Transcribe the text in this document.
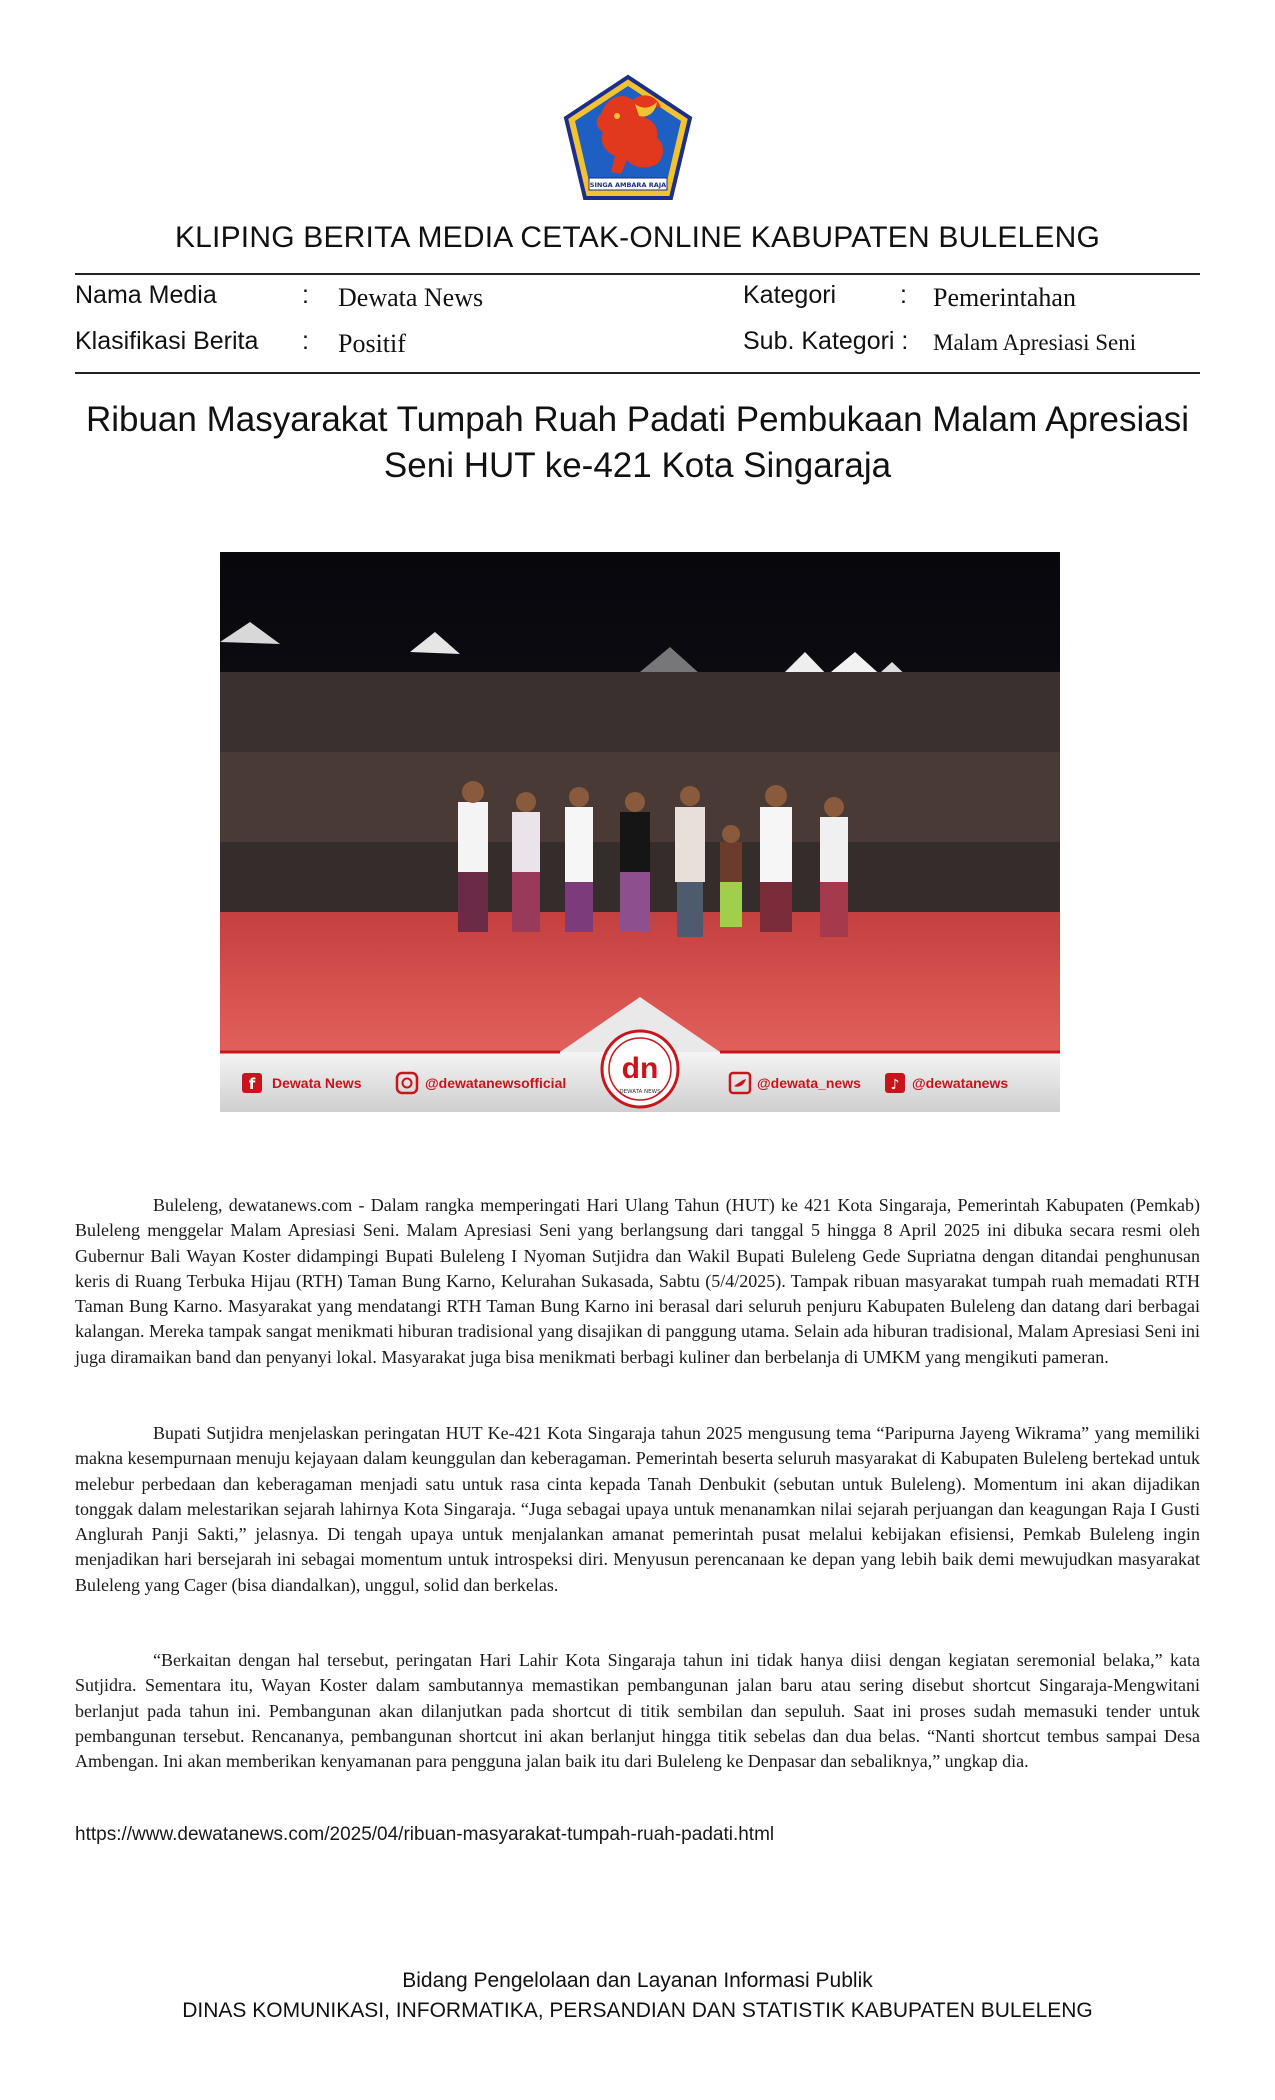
SINGA AMBARA RAJA
KLIPING BERITA MEDIA CETAK-ONLINE KABUPATEN BULELENG
Nama Media	: Dewata News	Kategori	: Pemerintahan
Klasifikasi Berita : Positif	Sub. Kategori : Malam Apresiasi Seni
Ribuan Masyarakat Tumpah Ruah Padati Pembukaan Malam Apresiasi Seni HUT ke-421 Kota Singaraja
f Dewata News	@dewatanewsofficial dn
DEWATA NEWS
@dewata_news ♪ @dewatanews

Buleleng, dewatanews.com - Dalam rangka memperingati Hari Ulang Tahun (HUT) ke 421 Kota Singaraja, Pemerintah Kabupaten (Pemkab) Buleleng menggelar Malam Apresiasi Seni. Malam Apresiasi Seni yang berlangsung dari tanggal 5 hingga 8 April 2025 ini dibuka secara resmi oleh Gubernur Bali Wayan Koster didampingi Bupati Buleleng I Nyoman Sutjidra dan Wakil Bupati Buleleng Gede Supriatna dengan ditandai penghunusan keris di Ruang Terbuka Hijau (RTH) Taman Bung Karno, Kelurahan Sukasada, Sabtu (5/4/2025). Tampak ribuan masyarakat tumpah ruah memadati RTH Taman Bung Karno. Masyarakat yang mendatangi RTH Taman Bung Karno ini berasal dari seluruh penjuru Kabupaten Buleleng dan datang dari berbagai kalangan. Mereka tampak sangat menikmati hiburan tradisional yang disajikan di panggung utama. Selain ada hiburan tradisional, Malam Apresiasi Seni ini juga diramaikan band dan penyanyi lokal. Masyarakat juga bisa menikmati berbagi kuliner dan berbelanja di UMKM yang mengikuti pameran.

Bupati Sutjidra menjelaskan peringatan HUT Ke-421 Kota Singaraja tahun 2025 mengusung tema “Paripurna Jayeng Wikrama” yang memiliki makna kesempurnaan menuju kejayaan dalam keunggulan dan keberagaman. Pemerintah beserta seluruh masyarakat di Kabupaten Buleleng bertekad untuk melebur perbedaan dan keberagaman menjadi satu untuk rasa cinta kepada Tanah Denbukit (sebutan untuk Buleleng). Momentum ini akan dijadikan tonggak dalam melestarikan sejarah lahirnya Kota Singaraja. “Juga sebagai upaya untuk menanamkan nilai sejarah perjuangan dan keagungan Raja I Gusti Anglurah Panji Sakti,” jelasnya. Di tengah upaya untuk menjalankan amanat pemerintah pusat melalui kebijakan efisiensi, Pemkab Buleleng ingin menjadikan hari bersejarah ini sebagai momentum untuk introspeksi diri. Menyusun perencanaan ke depan yang lebih baik demi mewujudkan masyarakat Buleleng yang Cager (bisa diandalkan), unggul, solid dan berkelas.

“Berkaitan dengan hal tersebut, peringatan Hari Lahir Kota Singaraja tahun ini tidak hanya diisi dengan kegiatan seremonial belaka,” kata Sutjidra. Sementara itu, Wayan Koster dalam sambutannya memastikan pembangunan jalan baru atau sering disebut shortcut Singaraja-Mengwitani berlanjut pada tahun ini. Pembangunan akan dilanjutkan pada shortcut di titik sembilan dan sepuluh. Saat ini proses sudah memasuki tender untuk pembangunan tersebut. Rencananya, pembangunan shortcut ini akan berlanjut hingga titik sebelas dan dua belas. “Nanti shortcut tembus sampai Desa Ambengan. Ini akan memberikan kenyamanan para pengguna jalan baik itu dari Buleleng ke Denpasar dan sebaliknya,” ungkap dia.

https://www.dewatanews.com/2025/04/ribuan-masyarakat-tumpah-ruah-padati.html
Bidang Pengelolaan dan Layanan Informasi Publik
DINAS KOMUNIKASI, INFORMATIKA, PERSANDIAN DAN STATISTIK KABUPATEN BULELENG
